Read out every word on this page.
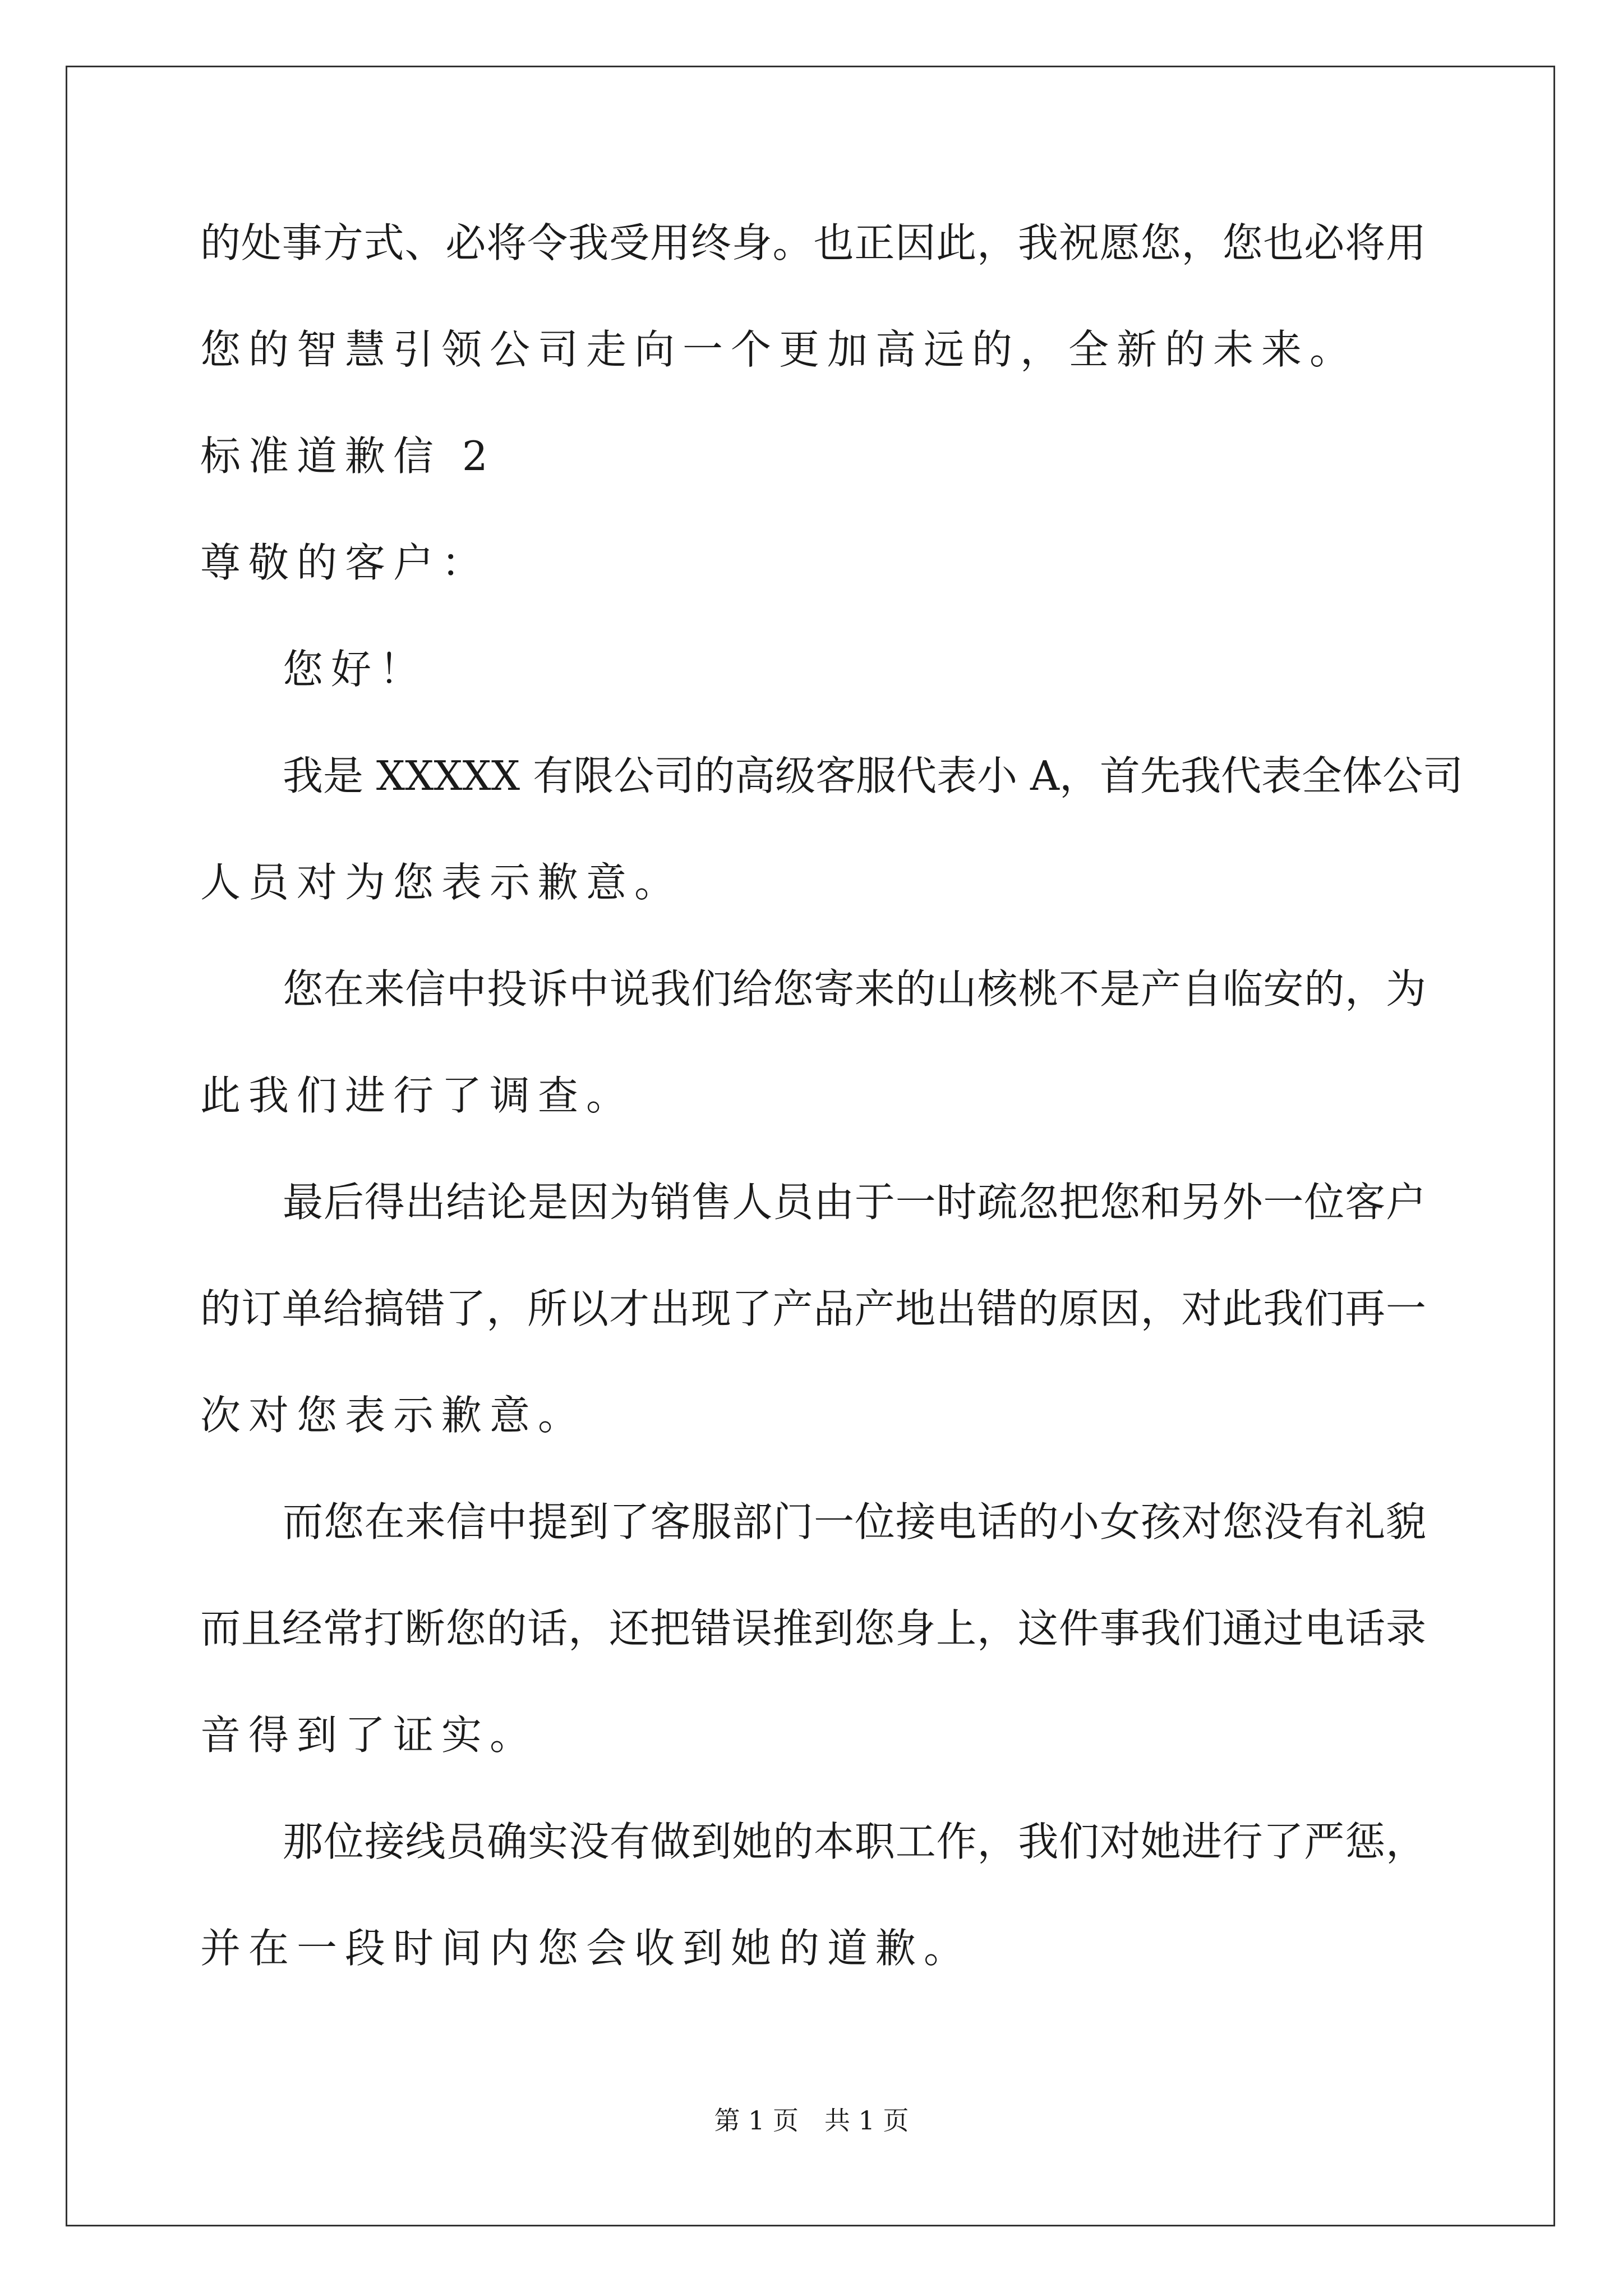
的处事方式、必将令我受用终身。也正因此，我祝愿您，您也必将用
您的智慧引领公司走向一个更加高远的，全新的未来。
标准道歉信 2
尊敬的客户：
您好！
我是 XXXXX 有限公司的高级客服代表小 A，首先我代表全体公司
人员对为您表示歉意。
您在来信中投诉中说我们给您寄来的山核桃不是产自临安的，为
此我们进行了调查。
最后得出结论是因为销售人员由于一时疏忽把您和另外一位客户
的订单给搞错了，所以才出现了产品产地出错的原因，对此我们再一
次对您表示歉意。
而您在来信中提到了客服部门一位接电话的小女孩对您没有礼貌
而且经常打断您的话，还把错误推到您身上，这件事我们通过电话录
音得到了证实。
那位接线员确实没有做到她的本职工作，我们对她进行了严惩，
并在一段时间内您会收到她的道歉。
第 1 页　共 1 页
